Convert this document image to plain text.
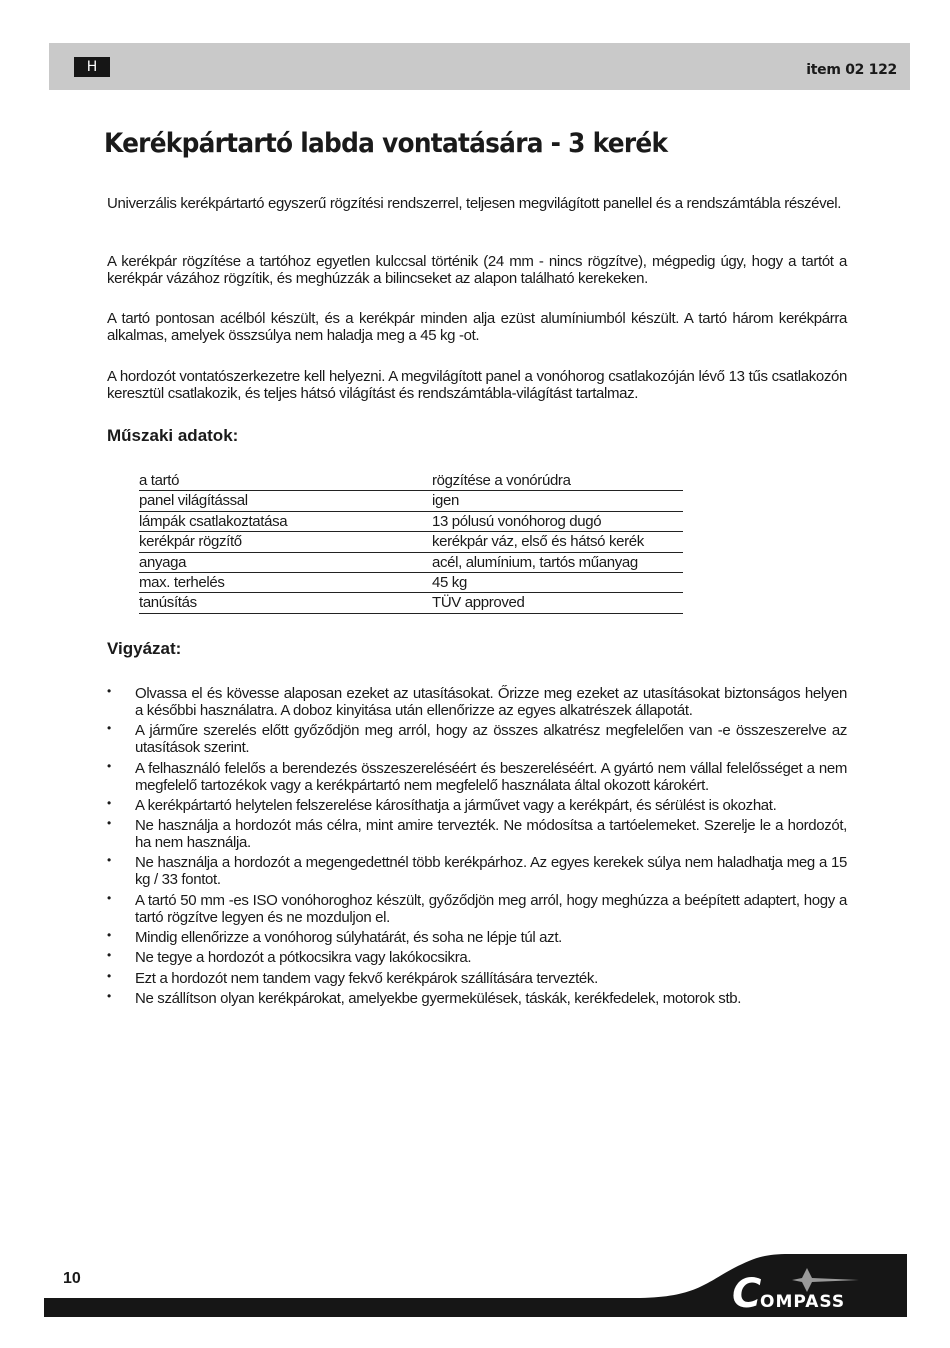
H	item 02 122
Kerékpártartó labda vontatására - 3 kerék

Univerzális kerékpártartó egyszerű rögzítési rendszerrel, teljesen megvilágított panellel és a rendszámtábla részével.

A kerékpár rögzítése a tartóhoz egyetlen kulccsal történik (24 mm - nincs rögzítve), mégpedig úgy, hogy a tartót a kerékpár vázához rögzítik, és meghúzzák a bilincseket az alapon található kerekeken.

A tartó pontosan acélból készült, és a kerékpár minden alja ezüst alumíniumból készült. A tartó három kerékpárra alkalmas, amelyek összsúlya nem haladja meg a 45 kg -ot.

A hordozót vontatószerkezetre kell helyezni. A megvilágított panel a vonóhorog csatlakozóján lévő 13 tűs csatlakozón keresztül csatlakozik, és teljes hátsó világítást és rendszámtábla-világítást tartalmaz.

Műszaki adatok:
a tartó	rögzítése a vonórúdra
panel világítással	igen
lámpák csatlakoztatása	13 pólusú vonóhorog dugó
kerékpár rögzítő	kerékpár váz, első és hátsó kerék
anyaga	acél, alumínium, tartós műanyag
max. terhelés	45 kg
tanúsítás	TÜV approved
Vigyázat:
• Olvassa el és kövesse alaposan ezeket az utasításokat. Őrizze meg ezeket az utasításokat biztonságos helyen a későbbi használatra. A doboz kinyitása után ellenőrizze az egyes alkatrészek állapotát.
• A járműre szerelés előtt győződjön meg arról, hogy az összes alkatrész megfelelően van -e összeszerelve az utasítások szerint.
• A felhasználó felelős a berendezés összeszereléséért és beszereléséért. A gyártó nem vállal felelősséget a nem megfelelő tartozékok vagy a kerékpártartó nem megfelelő használata által okozott károkért.
• A kerékpártartó helytelen felszerelése károsíthatja a járművet vagy a kerékpárt, és sérülést is okozhat.
• Ne használja a hordozót más célra, mint amire tervezték. Ne módosítsa a tartóelemeket. Szerelje le a hordozót, ha nem használja.
• Ne használja a hordozót a megengedettnél több kerékpárhoz. Az egyes kerekek súlya nem haladhatja meg a 15 kg / 33 fontot.
• A tartó 50 mm -es ISO vonóhoroghoz készült, győződjön meg arról, hogy meghúzza a beépített adaptert, hogy a tartó rögzítve legyen és ne mozduljon el.
• Mindig ellenőrizze a vonóhorog súlyhatárát, és soha ne lépje túl azt.
• Ne tegye a hordozót a pótkocsikra vagy lakókocsikra.
• Ezt a hordozót nem tandem vagy fekvő kerékpárok szállítására tervezték.
• Ne szállítson olyan kerékpárokat, amelyekbe gyermekülések, táskák, kerékfedelek, motorok stb.
10	C
OMPASS
